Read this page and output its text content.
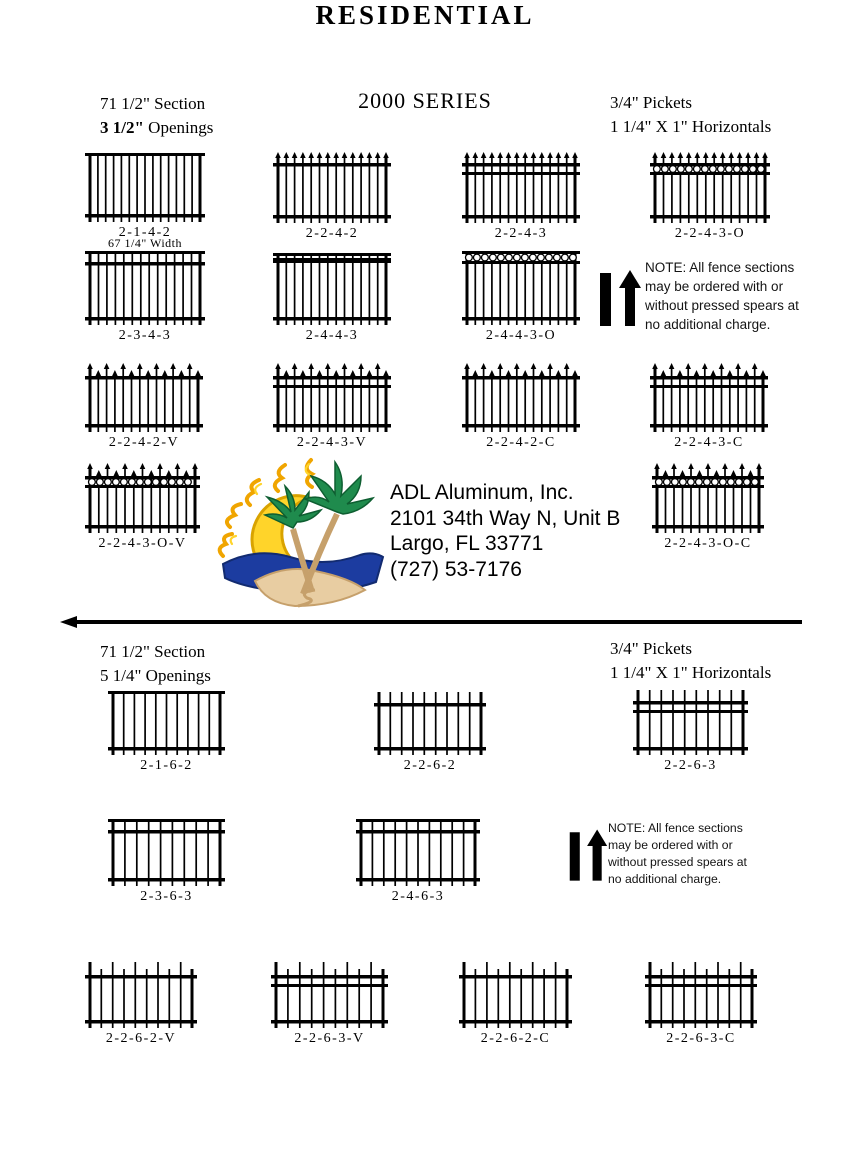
RESIDENTIAL
71 1/2" Section
3 1/2" Openings
2000 SERIES	3/4" Pickets
1 1/4" X 1" Horizontals
2-1-4-2	2-2-4-2	2-2-4-3	2-2-4-3-O
67 1/4" Width
2-3-4-3	2-4-4-3	2-4-4-3-O
NOTE: All fence sections
may be ordered with or
without pressed spears at
no additional charge.
2-2-4-2-V	2-2-4-3-V	2-2-4-2-C	2-2-4-3-C
2-2-4-3-O-V
ADL Aluminum, Inc.
2101 34th Way N, Unit B
Largo, FL 33771
(727) 53-7176
2-2-4-3-O-C
71 1/2" Section
5 1/4" Openings
3/4" Pickets
1 1/4" X 1" Horizontals
2-1-6-2	2-2-6-2	2-2-6-3
2-3-6-3	2-4-6-3
NOTE: All fence sections
may be ordered with or
without pressed spears at
no additional charge.
2-2-6-2-V	2-2-6-3-V	2-2-6-2-C	2-2-6-3-C
